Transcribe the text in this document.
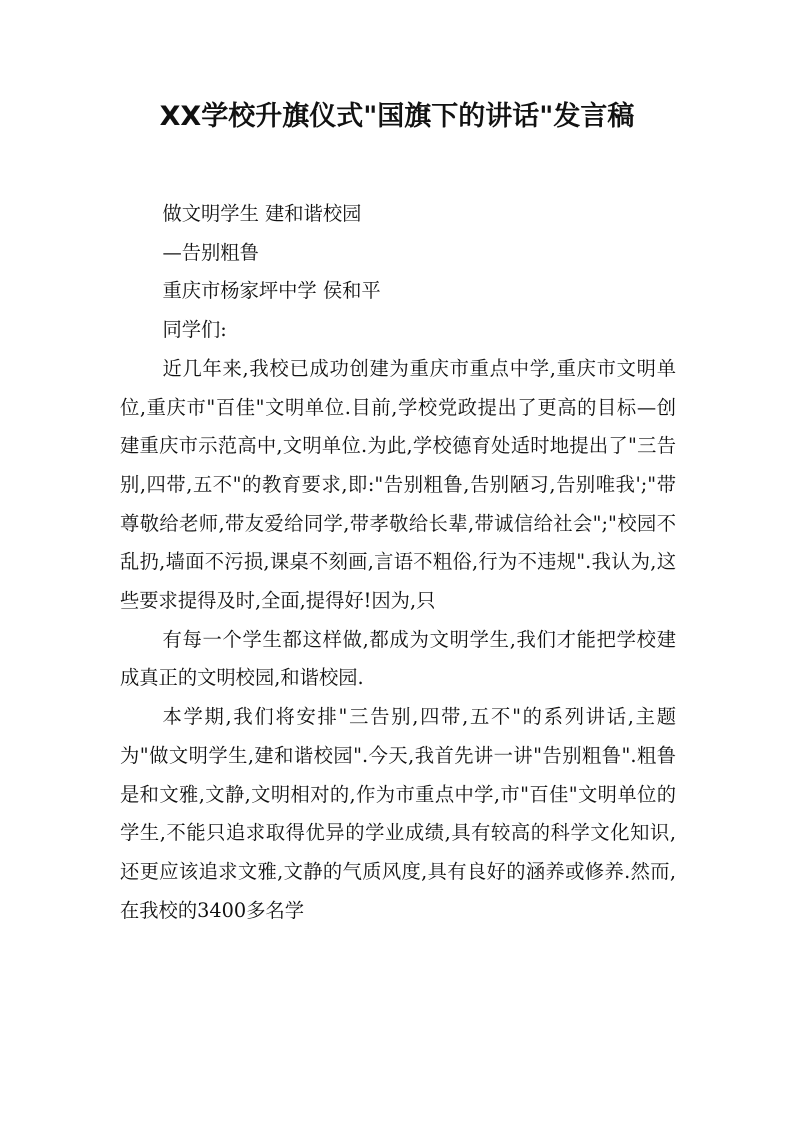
XX学校升旗仪式"国旗下的讲话"发言稿

做文明学生 建和谐校园

—告别粗鲁

重庆市杨家坪中学 侯和平

同学们:

近几年来,我校已成功创建为重庆市重点中学,重庆市文明单位,重庆市"百佳"文明单位.目前,学校党政提出了更高的目标—创建重庆市示范高中,文明单位.为此,学校德育处适时地提出了"三告别,四带,五不"的教育要求,即:"告别粗鲁,告别陋习,告别唯我';"带尊敬给老师,带友爱给同学,带孝敬给长辈,带诚信给社会";"校园不乱扔,墙面不污损,课桌不刻画,言语不粗俗,行为不违规".我认为,这些要求提得及时,全面,提得好!因为,只

有每一个学生都这样做,都成为文明学生,我们才能把学校建成真正的文明校园,和谐校园.

本学期,我们将安排"三告别,四带,五不"的系列讲话,主题为"做文明学生,建和谐校园".今天,我首先讲一讲"告别粗鲁".粗鲁是和文雅,文静,文明相对的,作为市重点中学,市"百佳"文明单位的学生,不能只追求取得优异的学业成绩,具有较高的科学文化知识,还更应该追求文雅,文静的气质风度,具有良好的涵养或修养.然而,在我校的3400多名学
